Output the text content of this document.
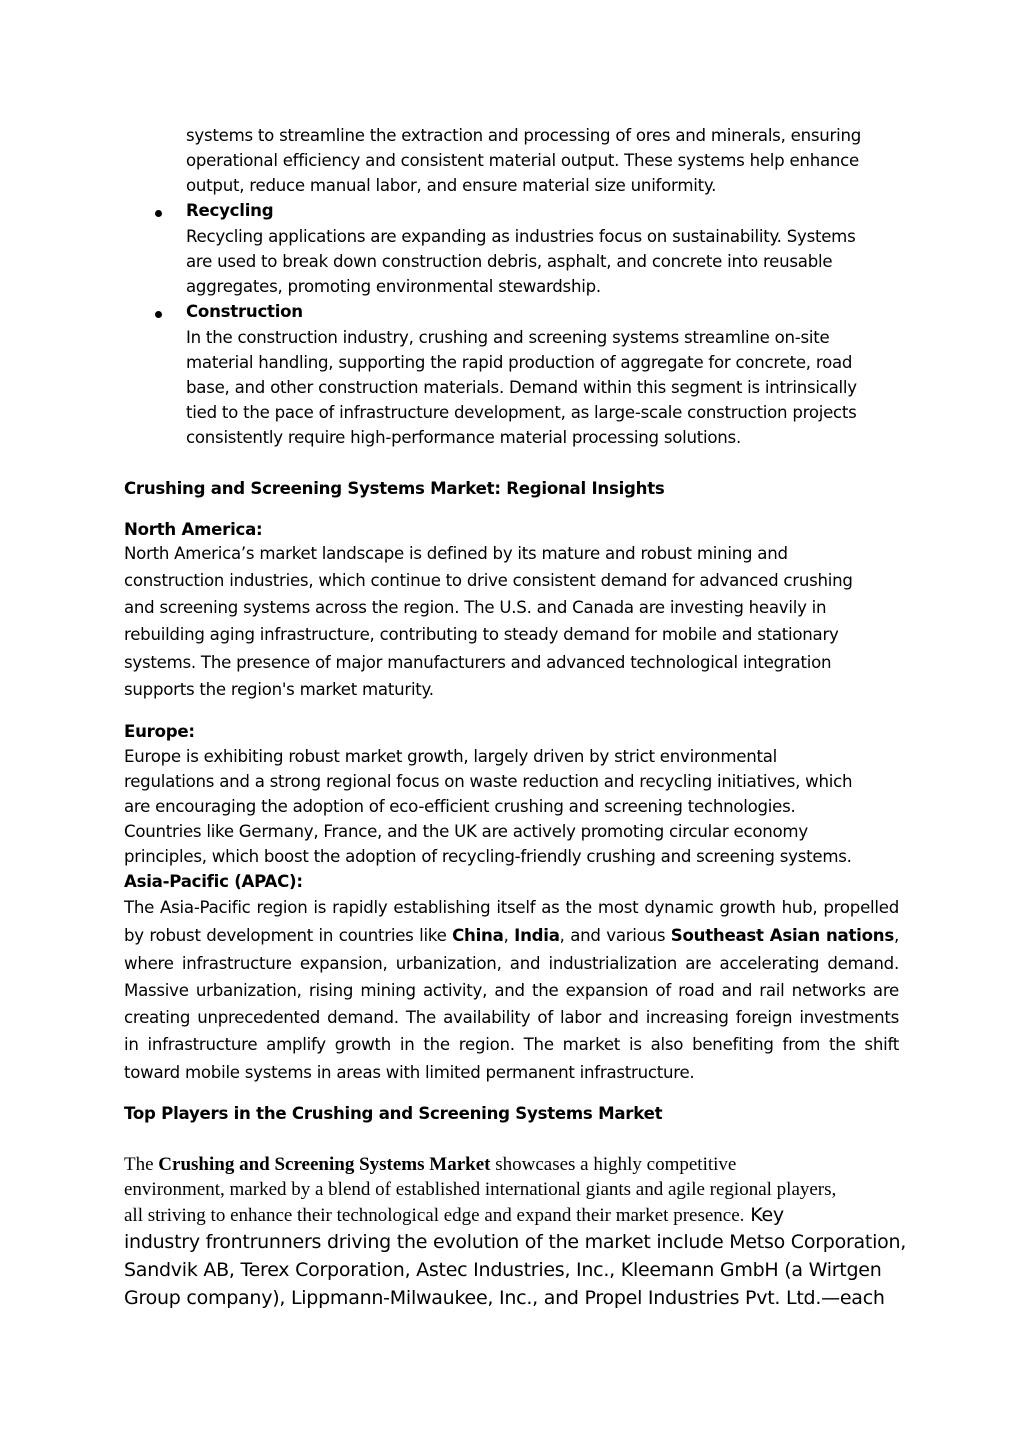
systems to streamline the extraction and processing of ores and minerals, ensuring
operational efficiency and consistent material output. These systems help enhance
output, reduce manual labor, and ensure material size uniformity.
Recycling
Recycling applications are expanding as industries focus on sustainability. Systems
are used to break down construction debris, asphalt, and concrete into reusable
aggregates, promoting environmental stewardship.
Construction
In the construction industry, crushing and screening systems streamline on-site
material handling, supporting the rapid production of aggregate for concrete, road
base, and other construction materials. Demand within this segment is intrinsically
tied to the pace of infrastructure development, as large-scale construction projects
consistently require high-performance material processing solutions.
Crushing and Screening Systems Market: Regional Insights
North America:
North America’s market landscape is defined by its mature and robust mining and
construction industries, which continue to drive consistent demand for advanced crushing
and screening systems across the region. The U.S. and Canada are investing heavily in
rebuilding aging infrastructure, contributing to steady demand for mobile and stationary
systems. The presence of major manufacturers and advanced technological integration
supports the region's market maturity.
Europe:
Europe is exhibiting robust market growth, largely driven by strict environmental
regulations and a strong regional focus on waste reduction and recycling initiatives, which
are encouraging the adoption of eco-efficient crushing and screening technologies.
Countries like Germany, France, and the UK are actively promoting circular economy
principles, which boost the adoption of recycling-friendly crushing and screening systems.
Asia-Pacific (APAC):
The Asia-Pacific region is rapidly establishing itself as the most dynamic growth hub, propelled
by robust development in countries like China, India, and various Southeast Asian nations,
where infrastructure expansion, urbanization, and industrialization are accelerating demand.
Massive urbanization, rising mining activity, and the expansion of road and rail networks are
creating unprecedented demand. The availability of labor and increasing foreign investments
in infrastructure amplify growth in the region. The market is also benefiting from the shift
toward mobile systems in areas with limited permanent infrastructure.
Top Players in the Crushing and Screening Systems Market
The Crushing and Screening Systems Market showcases a highly competitive
environment, marked by a blend of established international giants and agile regional players,
all striving to enhance their technological edge and expand their market presence. Key
industry frontrunners driving the evolution of the market include Metso Corporation,
Sandvik AB, Terex Corporation, Astec Industries, Inc., Kleemann GmbH (a Wirtgen
Group company), Lippmann-Milwaukee, Inc., and Propel Industries Pvt. Ltd.—each
